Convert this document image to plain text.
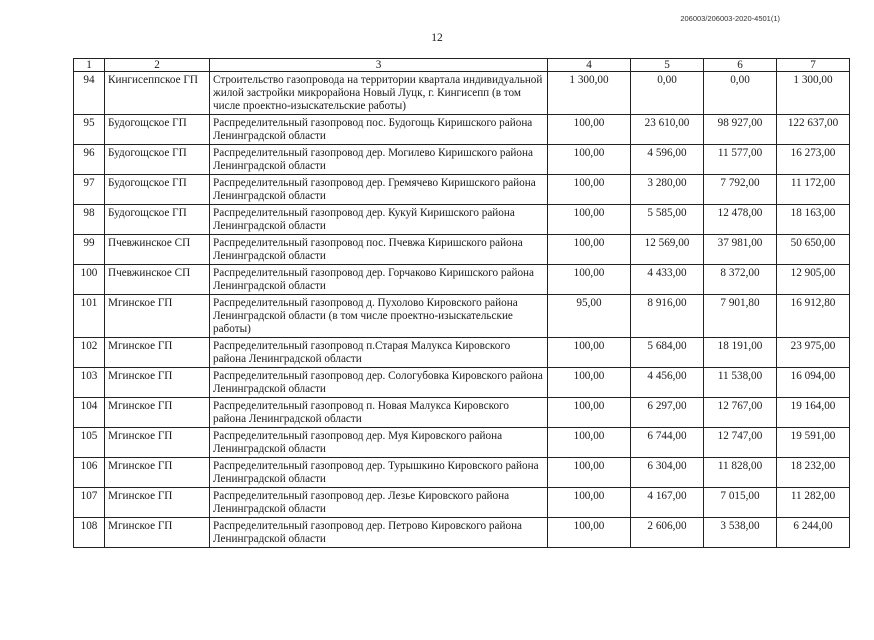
206003/206003-2020-4501(1)
12
1	2	3	4	5	6	7
94	Кингисеппское ГП	Строительство газопровода на территории квартала индивидуальной жилой застройки микрорайона Новый Луцк, г. Кингисепп (в том числе проектно-изыскательские работы)	1 300,00	0,00	0,00	1 300,00
95	Будогощское ГП	Распределительный газопровод пос. Будогощь Киришского района Ленинградской области	100,00	23 610,00	98 927,00	122 637,00
96	Будогощское ГП	Распределительный газопровод дер. Могилево Киришского района Ленинградской области	100,00	4 596,00	11 577,00	16 273,00
97	Будогощское ГП	Распределительный газопровод дер. Гремячево Киришского района Ленинградской области	100,00	3 280,00	7 792,00	11 172,00
98	Будогощское ГП	Распределительный газопровод дер. Кукуй Киришского района Ленинградской области	100,00	5 585,00	12 478,00	18 163,00
99	Пчевжинское СП	Распределительный газопровод пос. Пчевжа Киришского района Ленинградской области	100,00	12 569,00	37 981,00	50 650,00
100	Пчевжинское СП	Распределительный газопровод дер. Горчаково Киришского района Ленинградской области	100,00	4 433,00	8 372,00	12 905,00
101	Мгинское ГП	Распределительный газопровод д. Пухолово Кировского района Ленинградской области (в том числе проектно-изыскательские работы)	95,00	8 916,00	7 901,80	16 912,80
102	Мгинское ГП	Распределительный газопровод п.Старая Малукса Кировского района Ленинградской области	100,00	5 684,00	18 191,00	23 975,00
103	Мгинское ГП	Распределительный газопровод дер. Сологубовка Кировского района Ленинградской области	100,00	4 456,00	11 538,00	16 094,00
104	Мгинское ГП	Распределительный газопровод п. Новая Малукса Кировского района Ленинградской области	100,00	6 297,00	12 767,00	19 164,00
105	Мгинское ГП	Распределительный газопровод дер. Муя Кировского района Ленинградской области	100,00	6 744,00	12 747,00	19 591,00
106	Мгинское ГП	Распределительный газопровод дер. Турышкино Кировского района Ленинградской области	100,00	6 304,00	11 828,00	18 232,00
107	Мгинское ГП	Распределительный газопровод дер. Лезье Кировского района Ленинградской области	100,00	4 167,00	7 015,00	11 282,00
108	Мгинское ГП	Распределительный газопровод дер. Петрово Кировского района Ленинградской области	100,00	2 606,00	3 538,00	6 244,00
